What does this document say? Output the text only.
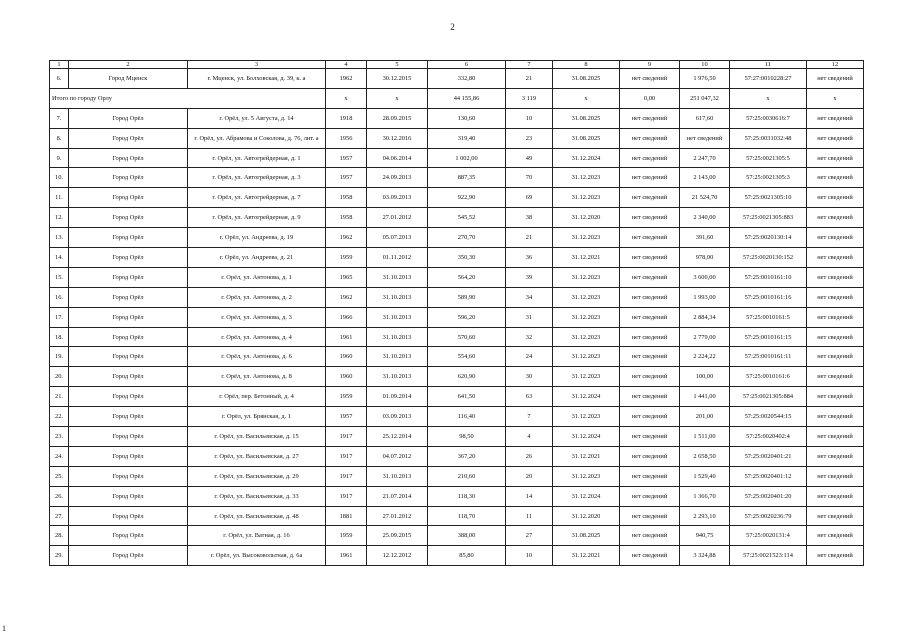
2
1	2	3	4	5	6	7	8	9	10	11	12
6.	Город Мценск	г. Мценск, ул. Болховская, д. 39, к. а	1962	30.12.2015	332,80	21	31.08.2025	нет сведений	1 976,50	57:27:0010228:27	нет сведений
Итого по городу Орлу			х	х	44 155,86	3 119	х	0,00	251 047,32	х	х
7.	Город Орёл	г. Орёл, ул. 5 Августа, д. 14	1918	28.09.2015	130,60	10	31.08.2025	нет сведений	617,60	57:25:0030616:7	нет сведений
8.	Город Орёл	г. Орёл, ул. Абрамова и Соколова, д. 76, лит. а	1956	30.12.2016	319,40	23	31.08.2025	нет сведений	нет сведений	57:25:0031032:48	нет сведений
9.	Город Орёл	г. Орёл, ул. Автогрейдерная, д. 1	1957	04.06.2014	1 002,00	49	31.12.2024	нет сведений	2 247,70	57:25:0021305:5	нет сведений
10.	Город Орёл	г. Орёл, ул. Автогрейдерная, д. 3	1957	24.09.2013	887,35	70	31.12.2023	нет сведений	2 143,00	57:25:0021305:3	нет сведений
11.	Город Орёл	г. Орёл, ул. Автогрейдерная, д. 7	1958	03.09.2013	922,90	69	31.12.2023	нет сведений	21 524,70	57:25:0021305:10	нет сведений
12.	Город Орёл	г. Орёл, ул. Автогрейдерная, д. 9	1958	27.01.2012	545,52	38	31.12.2020	нет сведений	2 340,00	57:25:0021305:883	нет сведений
13.	Город Орёл	г. Орёл, ул. Андреева, д. 19	1962	05.07.2013	270,70	21	31.12.2023	нет сведений	391,60	57:25:0020130:14	нет сведений
14.	Город Орёл	г. Орёл, ул. Андреева, д. 21	1959	01.11.2012	350,30	36	31.12.2021	нет сведений	978,00	57:25:0020130:152	нет сведений
15.	Город Орёл	г. Орёл, ул. Антонова, д. 1	1965	31.10.2013	564,20	39	31.12.2023	нет сведений	3 600,00	57:25:0010161:10	нет сведений
16.	Город Орёл	г. Орёл, ул. Антонова, д. 2	1962	31.10.2013	589,90	34	31.12.2023	нет сведений	1 993,00	57:25:0010161:16	нет сведений
17.	Город Орёл	г. Орёл, ул. Антонова, д. 3	1966	31.10.2013	596,20	31	31.12.2023	нет сведений	2 884,34	57:25:0010161:5	нет сведений
18.	Город Орёл	г. Орёл, ул. Антонова, д. 4	1961	31.10.2013	570,60	32	31.12.2023	нет сведений	2 779,00	57:25:0010161:15	нет сведений
19.	Город Орёл	г. Орёл, ул. Антонова, д. 6	1960	31.10.2013	554,60	24	31.12.2023	нет сведений	2 224,22	57:25:0010161:11	нет сведений
20.	Город Орёл	г. Орёл, ул. Антонова, д. 8	1960	31.10.2013	620,90	30	31.12.2023	нет сведений	100,00	57:25:0010161:6	нет сведений
21.	Город Орёл	г. Орёл, пер. Бетонный, д. 4	1959	01.09.2014	641,50	63	31.12.2024	нет сведений	1 441,00	57:25:0021305:884	нет сведений
22.	Город Орёл	г. Орёл, ул. Брянская, д. 1	1957	03.09.2013	116,40	7	31.12.2023	нет сведений	201,00	57:25:0020544:15	нет сведений
23.	Город Орёл	г. Орёл, ул. Васильевская, д. 15	1917	25.12.2014	98,50	4	31.12.2024	нет сведений	1 511,00	57:25:0020402:4	нет сведений
24.	Город Орёл	г. Орёл, ул. Васильевская, д. 27	1917	04.07.2012	367,20	26	31.12.2021	нет сведений	2 658,50	57:25:0020401:21	нет сведений
25.	Город Орёл	г. Орёл, ул. Васильевская, д. 29	1917	31.10.2013	210,60	20	31.12.2023	нет сведений	1 529,40	57:25:0020401:12	нет сведений
26.	Город Орёл	г. Орёл, ул. Васильевская, д. 33	1917	21.07.2014	118,30	14	31.12.2024	нет сведений	1 366,70	57:25:0020401:20	нет сведений
27.	Город Орёл	г. Орёл, ул. Васильевская, д. 48	1881	27.01.2012	118,70	11	31.12.2020	нет сведений	2 293,10	57:25:0020236:79	нет сведений
28.	Город Орёл	г. Орёл, ул. Ватная, д. 16	1959	25.09.2015	388,00	27	31.08.2025	нет сведений	940,75	57:25:0020131:4	нет сведений
29.	Город Орёл	г. Орёл, ул. Высоковольтная, д. 6а	1961	12.12.2012	85,80	10	31.12.2021	нет сведений	3 324,88	57:25:0021523:114	нет сведений
1
